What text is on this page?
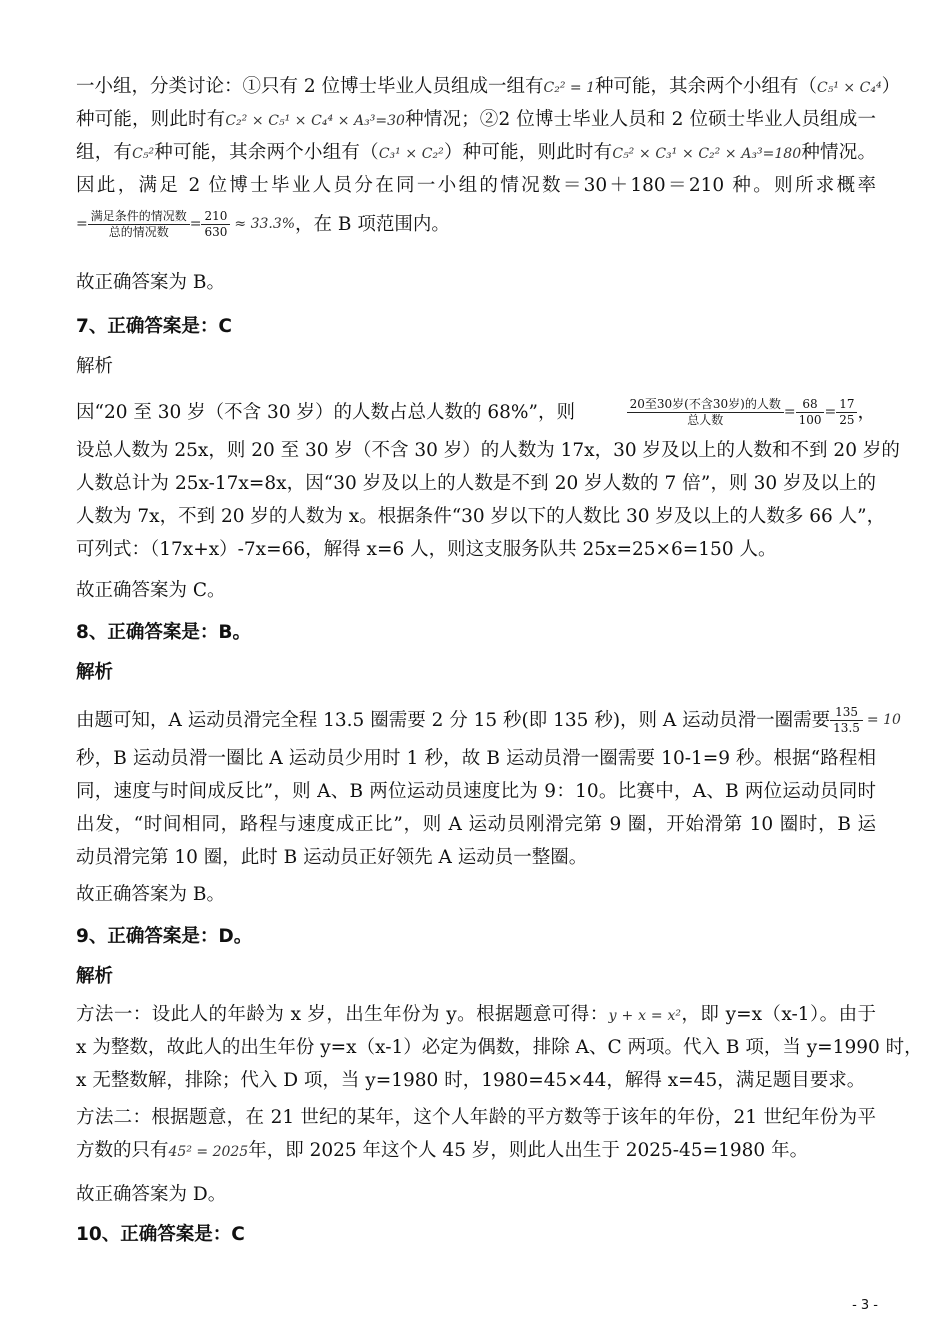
一小组，分类讨论：①只有 2 位博士毕业人员组成一组有C₂² = 1种可能，其余两个小组有（C₅¹ × C₄⁴）
种可能，则此时有C₂² × C₅¹ × C₄⁴ × A₃³=30种情况；②2 位博士毕业人员和 2 位硕士毕业人员组成一
组，有C₅²种可能，其余两个小组有（C₃¹ × C₂²）种可能，则此时有C₅² × C₃¹ × C₂² × A₃³=180种情况。
因此，满足 2 位博士毕业人员分在同一小组的情况数＝30＋180＝210 种。则所求概率
= $\frac{\text{满足条件的情况数}}{\text{总的情况数}} = \frac{210}{630} \approx 33.3\%$ ，在 B 项范围内。
故正确答案为 B。
7、正确答案是：C
解析
因“20 至 30 岁（不含 30 岁）的人数占总人数的 68%”，则	$\frac{\text{20至30岁(不含30岁)的人数}}{\text{总人数}} = \frac{68}{100} = \frac{17}{25}$ ，
设总人数为 25x，则 20 至 30 岁（不含 30 岁）的人数为 17x，30 岁及以上的人数和不到 20 岁的
人数总计为 25x-17x=8x，因“30 岁及以上的人数是不到 20 岁人数的 7 倍”，则 30 岁及以上的
人数为 7x，不到 20 岁的人数为 x。根据条件“30 岁以下的人数比 30 岁及以上的人数多 66 人”，
可列式：（17x+x）-7x=66，解得 x=6 人，则这支服务队共 25x=25×6=150 人。
故正确答案为 C。
8、正确答案是：B。
解析
由题可知，A 运动员滑完全程 13.5 圈需要 2 分 15 秒(即 135 秒)，则 A 运动员滑一圈需要 $\frac{135}{13.5} = 10$
秒，B 运动员滑一圈比 A 运动员少用时 1 秒，故 B 运动员滑一圈需要 10-1=9 秒。根据“路程相
同，速度与时间成反比”，则 A、B 两位运动员速度比为 9：10。比赛中，A、B 两位运动员同时
出发，“时间相同，路程与速度成正比”，则 A 运动员刚滑完第 9 圈，开始滑第 10 圈时，B 运
动员滑完第 10 圈，此时 B 运动员正好领先 A 运动员一整圈。
故正确答案为 B。
9、正确答案是：D。
解析
方法一：设此人的年龄为 x 岁，出生年份为 y。根据题意可得：y + x = x²，即 y=x（x-1）。由于
x 为整数，故此人的出生年份 y=x（x-1）必定为偶数，排除 A、C 两项。代入 B 项，当 y=1990 时，
x 无整数解，排除；代入 D 项，当 y=1980 时，1980=45×44，解得 x=45，满足题目要求。
方法二：根据题意，在 21 世纪的某年，这个人年龄的平方数等于该年的年份，21 世纪年份为平
方数的只有45² = 2025年，即 2025 年这个人 45 岁，则此人出生于 2025-45=1980 年。
故正确答案为 D。
10、正确答案是：C
- 3 -
